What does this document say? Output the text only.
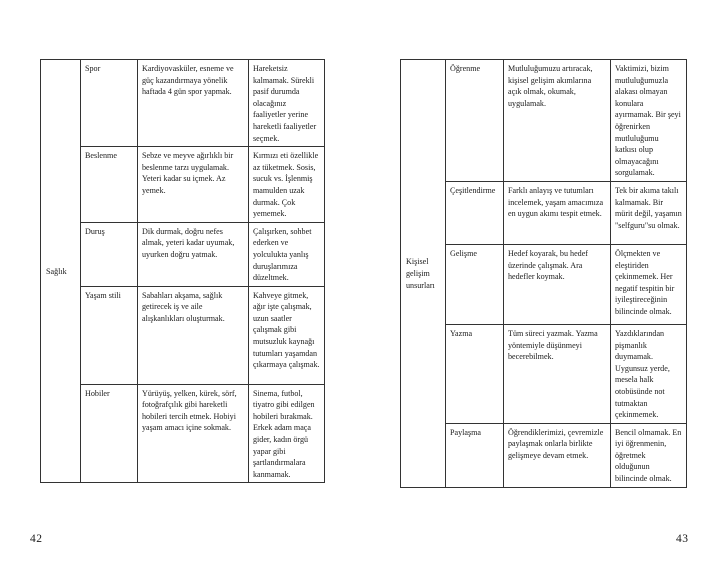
Sağlık	Spor	Kardiyovasküler, esneme ve güç kazandırmaya yönelik haftada 4 gün spor yapmak.	Hareketsiz kalmamak. Sürekli pasif durumda olacağınız faaliyetler yerine hareketli faaliyetler seçmek.
	Beslenme	Sebze ve meyve ağırlıklı bir beslenme tarzı uygulamak. Yeteri kadar su içmek. Az yemek.	Kırmızı eti özellikle az tüketmek. Sosis, sucuk vs. İşlenmiş mamulden uzak durmak. Çok yememek.
	Duruş	Dik durmak, doğru nefes almak, yeteri kadar uyumak, uyurken doğru yatmak.	Çalışırken, sohbet ederken ve yolculukta yanlış duruşlarımıza düzeltmek.
	Yaşam stili	Sabahları akşama, sağlık getirecek iş ve aile alışkanlıkları oluşturmak.	Kahveye gitmek, ağır işte çalışmak, uzun saatler çalışmak gibi mutsuzluk kaynağı tutumları yaşamdan çıkarmaya çalışmak.
	Hobiler	Yürüyüş, yelken, kürek, sörf, fotoğrafçılık gibi hareketli hobileri tercih etmek. Hobiyi yaşam amacı içine sokmak.	Sinema, futbol, tiyatro gibi edilgen hobileri bırakmak. Erkek adam maça gider, kadın örgü yapar gibi şartlandırmalara kanmamak.
42
Kişisel gelişim unsurları	Öğrenme	Mutluluğumuzu artıracak, kişisel gelişim akımlarına açık olmak, okumak, uygulamak.	Vaktimizi, bizim mutluluğumuzla alakası olmayan konulara ayırmamak. Bir şeyi öğrenirken mutluluğumu katkısı olup olmayacağını sorgulamak.
	Çeşitlendirme	Farklı anlayış ve tutumları incelemek, yaşam amacımıza en uygun akımı tespit etmek.	Tek bir akıma takılı kalmamak. Bir mürit değil, yaşamın "selfguru"su olmak.
	Gelişme	Hedef koyarak, bu hedef üzerinde çalışmak. Ara hedefler koymak.	Ölçmekten ve eleştiriden çekinmemek. Her negatif tespitin bir iyileştireceğinin bilincinde olmak.
	Yazma	Tüm süreci yazmak. Yazma yöntemiyle düşünmeyi becerebilmek.	Yazdıklarından pişmanlık duymamak. Uygunsuz yerde, mesela halk otobüsünde not tutmaktan çekinmemek.
	Paylaşma	Öğrendiklerimizi, çevremizle paylaşmak onlarla birlikte gelişmeye devam etmek.	Bencil olmamak. En iyi öğrenmenin, öğretmek olduğunun bilincinde olmak.
43
